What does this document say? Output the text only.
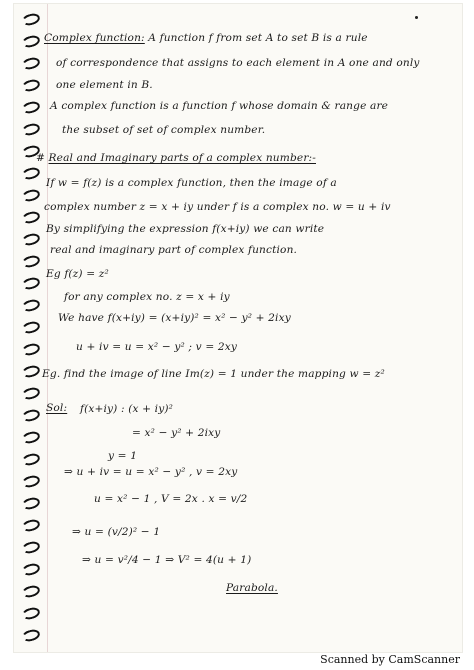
Complex function: A function f from set A to set B is a rule
of correspondence that assigns to each element in A one and only
one element in B.
A complex function is a function f whose domain & range are
the subset of set of complex number.
# Real and Imaginary parts of a complex number:-
If w = f(z) is a complex function, then the image of a
complex number z = x + iy under f is a complex no. w = u + iv
By simplifying the expression f(x+iy) we can write
real and imaginary part of complex function.
Eg f(z) = z²
for any complex no. z = x + iy
We have f(x+iy) = (x+iy)² = x² − y² + 2ixy
u + iv = u = x² − y² ; v = 2xy
Eg. find the image of line Im(z) = 1 under the mapping w = z²
Sol: f(x+iy) : (x + iy)²
= x² − y² + 2ixy
y = 1
⇒ u + iv = u = x² − y² , v = 2xy
u = x² − 1 , V = 2x . x = v/2
⇒ u = (v/2)² − 1
⇒ u = v²/4 − 1 ⇒ V² = 4(u + 1)
Parabola.
Scanned by CamScanner
